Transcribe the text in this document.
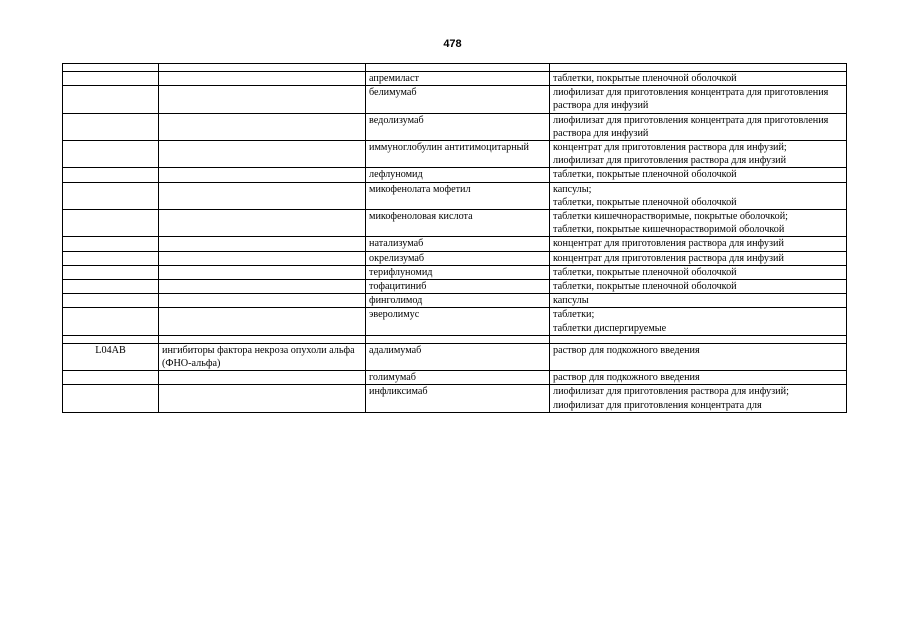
478

		апремиласт	таблетки, покрытые пленочной оболочкой

		белимумаб	лиофилизат для приготовления концентрата для приготовления раствора для инфузий

		ведолизумаб	лиофилизат для приготовления концентрата для приготовления раствора для инфузий

		иммуноглобулин антитимоцитарный	концентрат для приготовления раствора для инфузий;
лиофилизат для приготовления раствора для инфузий

		лефлуномид	таблетки, покрытые пленочной оболочкой

		микофенолата мофетил	капсулы;
таблетки, покрытые пленочной оболочкой

		микофеноловая кислота	таблетки кишечнорастворимые, покрытые оболочкой;
таблетки, покрытые кишечнорастворимой оболочкой

		натализумаб	концентрат для приготовления раствора для инфузий

		окрелизумаб	концентрат для приготовления раствора для инфузий

		терифлуномид	таблетки, покрытые пленочной оболочкой

		тофацитиниб	таблетки, покрытые пленочной оболочкой

		финголимод	капсулы

		эверолимус	таблетки;
таблетки диспергируемые

L04AB	ингибиторы фактора некроза опухоли альфа (ФНО-альфа)	адалимумаб	раствор для подкожного введения

		голимумаб	раствор для подкожного введения

		инфликсимаб	лиофилизат для приготовления раствора для инфузий;
лиофилизат для приготовления концентрата для
